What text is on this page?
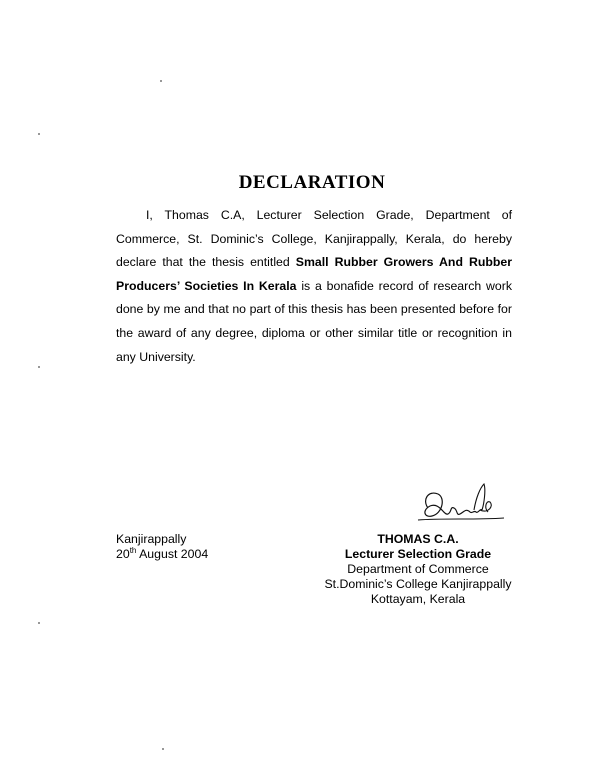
DECLARATION
I, Thomas C.A, Lecturer Selection Grade, Department of Commerce, St. Dominic’s College, Kanjirappally, Kerala, do hereby declare that the thesis entitled Small Rubber Growers And Rubber Producers’ Societies In Kerala is a bonafide record of research work done by me and that no part of this thesis has been presented before for the award of any degree, diploma or other similar title or recognition in any University.
Kanjirappally
20th August 2004
THOMAS C.A.
Lecturer Selection Grade
Department of Commerce
St.Dominic’s College Kanjirappally
Kottayam, Kerala
